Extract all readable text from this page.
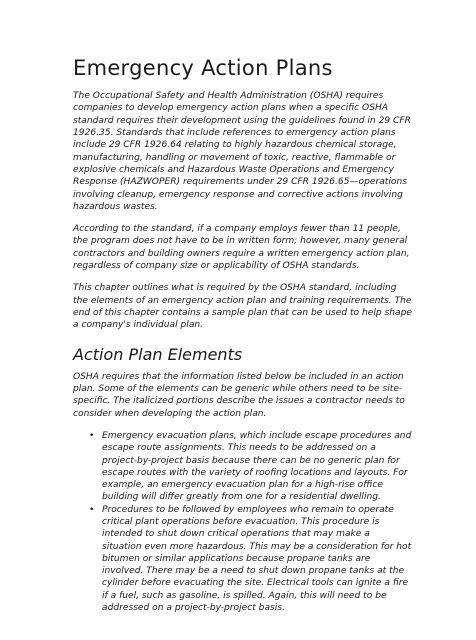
Emergency Action Plans

The Occupational Safety and Health Administration (OSHA) requires companies to develop emergency action plans when a specific OSHA standard requires their development using the guidelines found in 29 CFR 1926.35. Standards that include references to emergency action plans include 29 CFR 1926.64 relating to highly hazardous chemical storage, manufacturing, handling or movement of toxic, reactive, flammable or explosive chemicals and Hazardous Waste Operations and Emergency Response (HAZWOPER) requirements under 29 CFR 1926.65—operations involving cleanup, emergency response and corrective actions involving hazardous wastes.

According to the standard, if a company employs fewer than 11 people, the program does not have to be in written form; however, many general contractors and building owners require a written emergency action plan, regardless of company size or applicability of OSHA standards.

This chapter outlines what is required by the OSHA standard, including the elements of an emergency action plan and training requirements. The end of this chapter contains a sample plan that can be used to help shape a company's individual plan.

Action Plan Elements

OSHA requires that the information listed below be included in an action plan. Some of the elements can be generic while others need to be site-specific. The italicized portions describe the issues a contractor needs to consider when developing the action plan.

• Emergency evacuation plans, which include escape procedures and escape route assignments. This needs to be addressed on a project-by-project basis because there can be no generic plan for escape routes with the variety of roofing locations and layouts. For example, an emergency evacuation plan for a high-rise office building will differ greatly from one for a residential dwelling.
• Procedures to be followed by employees who remain to operate critical plant operations before evacuation. This procedure is intended to shut down critical operations that may make a situation even more hazardous. This may be a consideration for hot bitumen or similar applications because propane tanks are involved. There may be a need to shut down propane tanks at the cylinder before evacuating the site. Electrical tools can ignite a fire if a fuel, such as gasoline, is spilled. Again, this will need to be addressed on a project-by-project basis.
